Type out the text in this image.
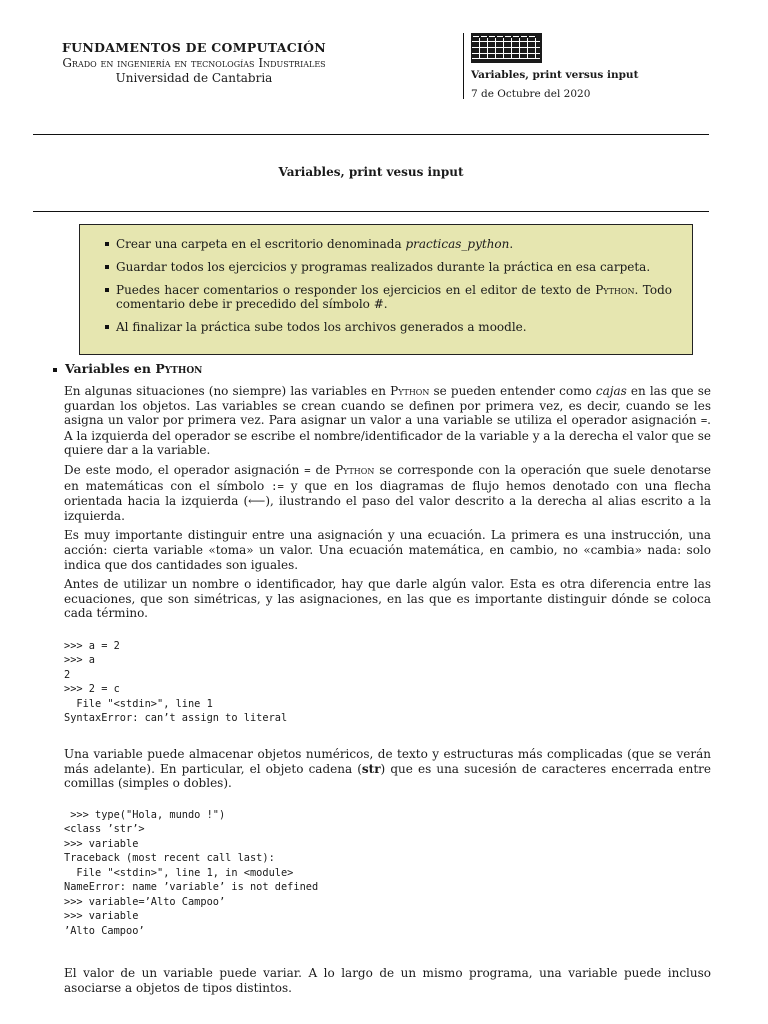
FUNDAMENTOS DE COMPUTACIÓN
Grado en ingeniería en tecnologías Industriales
Universidad de Cantabria	Variables, print versus input
7 de Octubre del 2020
Variables, print vesus input
Crear una carpeta en el escritorio denominada practicas_python.
Guardar todos los ejercicios y programas realizados durante la práctica en esa carpeta.
Puedes hacer comentarios o responder los ejercicios en el editor de texto de Python. Todo comentario debe ir precedido del símbolo #.
Al finalizar la práctica sube todos los archivos generados a moodle.
Variables en Python

En algunas situaciones (no siempre) las variables en Python se pueden entender como cajas en las que se guardan los objetos. Las variables se crean cuando se definen por primera vez, es decir, cuando se les asigna un valor por primera vez. Para asignar un valor a una variable se utiliza el operador asignación =. A la izquierda del operador se escribe el nombre/identificador de la variable y a la derecha el valor que se quiere dar a la variable.

De este modo, el operador asignación = de Python se corresponde con la operación que suele denotarse en matemáticas con el símbolo := y que en los diagramas de flujo hemos denotado con una flecha orientada hacia la izquierda (⟵), ilustrando el paso del valor descrito a la derecha al alias escrito a la izquierda.

Es muy importante distinguir entre una asignación y una ecuación. La primera es una instrucción, una acción: cierta variable «toma» un valor. Una ecuación matemática, en cambio, no «cambia» nada: solo indica que dos cantidades son iguales.

Antes de utilizar un nombre o identificador, hay que darle algún valor. Esta es otra diferencia entre las ecuaciones, que son simétricas, y las asignaciones, en las que es importante distinguir dónde se coloca cada término.

>>> a = 2
>>> a
2
>>> 2 = c
File "<stdin>", line 1
SyntaxError: can’t assign to literal

Una variable puede almacenar objetos numéricos, de texto y estructuras más complicadas (que se verán más adelante). En particular, el objeto cadena (str) que es una sucesión de caracteres encerrada entre comillas (simples o dobles).

>>> type("Hola, mundo !")
<class ’str’>
>>> variable
Traceback (most recent call last):
File "<stdin>", line 1, in <module>
NameError: name ’variable’ is not defined
>>> variable=’Alto Campoo’
>>> variable
’Alto Campoo’

El valor de un variable puede variar. A lo largo de un mismo programa, una variable puede incluso asociarse a objetos de tipos distintos.
